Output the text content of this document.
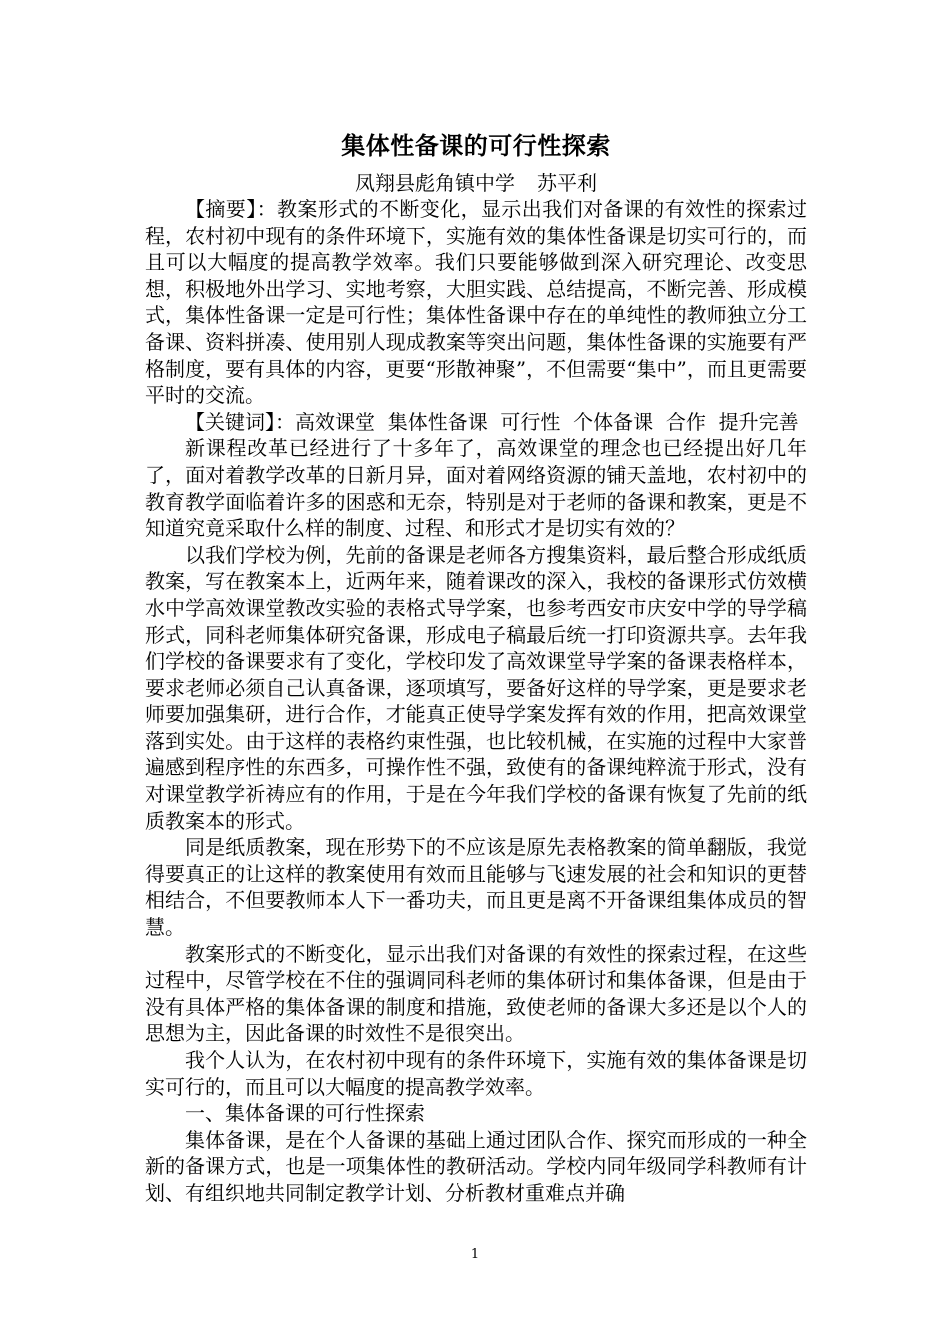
集体性备课的可行性探索

凤翔县彪角镇中学 苏平利

【摘要】：教案形式的不断变化，显示出我们对备课的有效性的探索过程，农村初中现有的条件环境下，实施有效的集体性备课是切实可行的，而且可以大幅度的提高教学效率。我们只要能够做到深入研究理论、改变思想，积极地外出学习、实地考察，大胆实践、总结提高，不断完善、形成模式，集体性备课一定是可行性；集体性备课中存在的单纯性的教师独立分工备课、资料拼凑、使用别人现成教案等突出问题，集体性备课的实施要有严格制度，要有具体的内容，更要“形散神聚”，不但需要“集中”，而且更需要平时的交流。

【关键词】：高效课堂  集体性备课  可行性  个体备课  合作  提升完善

新课程改革已经进行了十多年了，高效课堂的理念也已经提出好几年了，面对着教学改革的日新月异，面对着网络资源的铺天盖地，农村初中的教育教学面临着许多的困惑和无奈，特别是对于老师的备课和教案，更是不知道究竟采取什么样的制度、过程、和形式才是切实有效的？

以我们学校为例，先前的备课是老师各方搜集资料，最后整合形成纸质教案，写在教案本上，近两年来，随着课改的深入，我校的备课形式仿效横水中学高效课堂教改实验的表格式导学案，也参考西安市庆安中学的导学稿形式，同科老师集体研究备课，形成电子稿最后统一打印资源共享。去年我们学校的备课要求有了变化，学校印发了高效课堂导学案的备课表格样本，要求老师必须自己认真备课，逐项填写，要备好这样的导学案，更是要求老师要加强集研，进行合作，才能真正使导学案发挥有效的作用，把高效课堂落到实处。由于这样的表格约束性强，也比较机械，在实施的过程中大家普遍感到程序性的东西多，可操作性不强，致使有的备课纯粹流于形式，没有对课堂教学祈祷应有的作用，于是在今年我们学校的备课有恢复了先前的纸质教案本的形式。

同是纸质教案，现在形势下的不应该是原先表格教案的简单翻版，我觉得要真正的让这样的教案使用有效而且能够与飞速发展的社会和知识的更替相结合，不但要教师本人下一番功夫，而且更是离不开备课组集体成员的智慧。

教案形式的不断变化，显示出我们对备课的有效性的探索过程，在这些过程中，尽管学校在不住的强调同科老师的集体研讨和集体备课，但是由于没有具体严格的集体备课的制度和措施，致使老师的备课大多还是以个人的思想为主，因此备课的时效性不是很突出。

我个人认为，在农村初中现有的条件环境下，实施有效的集体备课是切实可行的，而且可以大幅度的提高教学效率。

一、集体备课的可行性探索

集体备课，是在个人备课的基础上通过团队合作、探究而形成的一种全新的备课方式，也是一项集体性的教研活动。学校内同年级同学科教师有计划、有组织地共同制定教学计划、分析教材重难点并确

1
